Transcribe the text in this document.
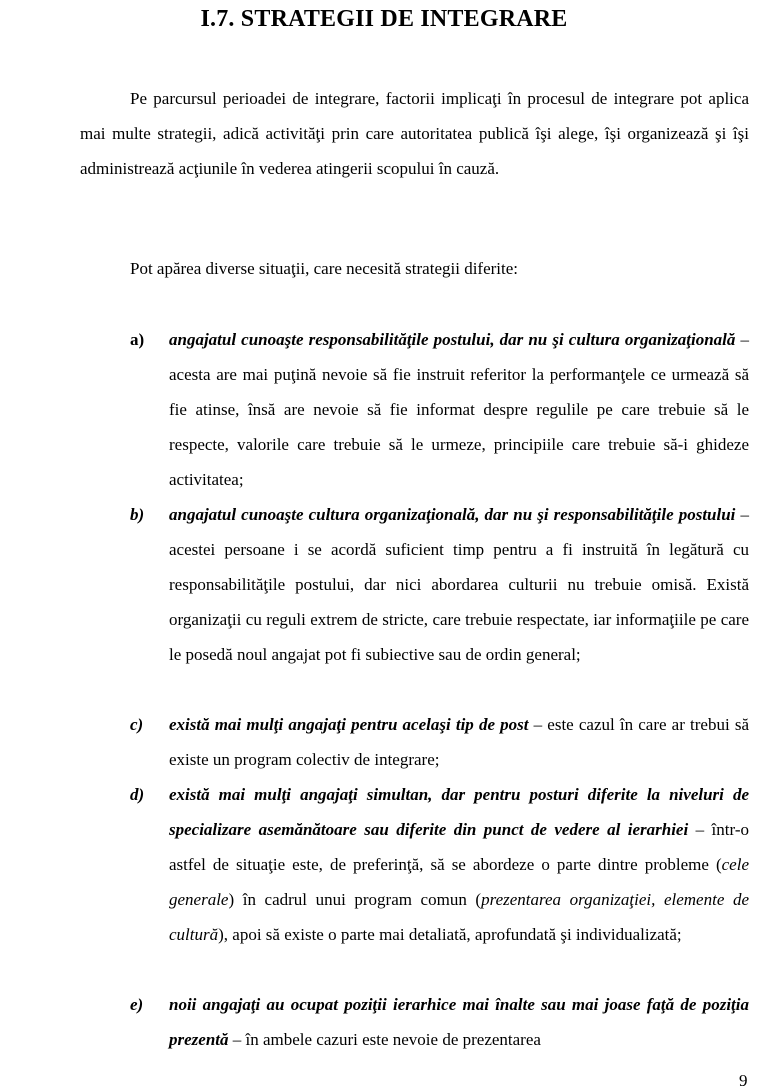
I.7. STRATEGII DE INTEGRARE

Pe parcursul perioadei de integrare, factorii implicaţi în procesul de integrare pot aplica mai multe strategii, adică activităţi prin care autoritatea publică îşi alege, îşi organizează şi îşi administrează acţiunile în vederea atingerii scopului în cauză.

Pot apărea diverse situaţii, care necesită strategii diferite:

a) angajatul cunoaşte responsabilităţile postului, dar nu şi cultura organizaţională – acesta are mai puţină nevoie să fie instruit referitor la performanţele ce urmează să fie atinse, însă are nevoie să fie informat despre regulile pe care trebuie să le respecte, valorile care trebuie să le urmeze, principiile care trebuie să-i ghideze activitatea;

b) angajatul cunoaşte cultura organizaţională, dar nu şi responsabilităţile postului – acestei persoane i se acordă suficient timp pentru a fi instruită în legătură cu responsabilităţile postului, dar nici abordarea culturii nu trebuie omisă. Există organizaţii cu reguli extrem de stricte, care trebuie respectate, iar informaţiile pe care le posedă noul angajat pot fi subiective sau de ordin general;

c) există mai mulţi angajaţi pentru acelaşi tip de post – este cazul în care ar trebui să existe un program colectiv de integrare;

d) există mai mulţi angajaţi simultan, dar pentru posturi diferite la niveluri de specializare asemănătoare sau diferite din punct de vedere al ierarhiei – într-o astfel de situaţie este, de preferinţă, să se abordeze o parte dintre probleme (cele generale) în cadrul unui program comun (prezentarea organizaţiei, elemente de cultură), apoi să existe o parte mai detaliată, aprofundată şi individualizată;

e) noii angajaţi au ocupat poziţii ierarhice mai înalte sau mai joase faţă de poziţia prezentă – în ambele cazuri este nevoie de prezentarea

9
